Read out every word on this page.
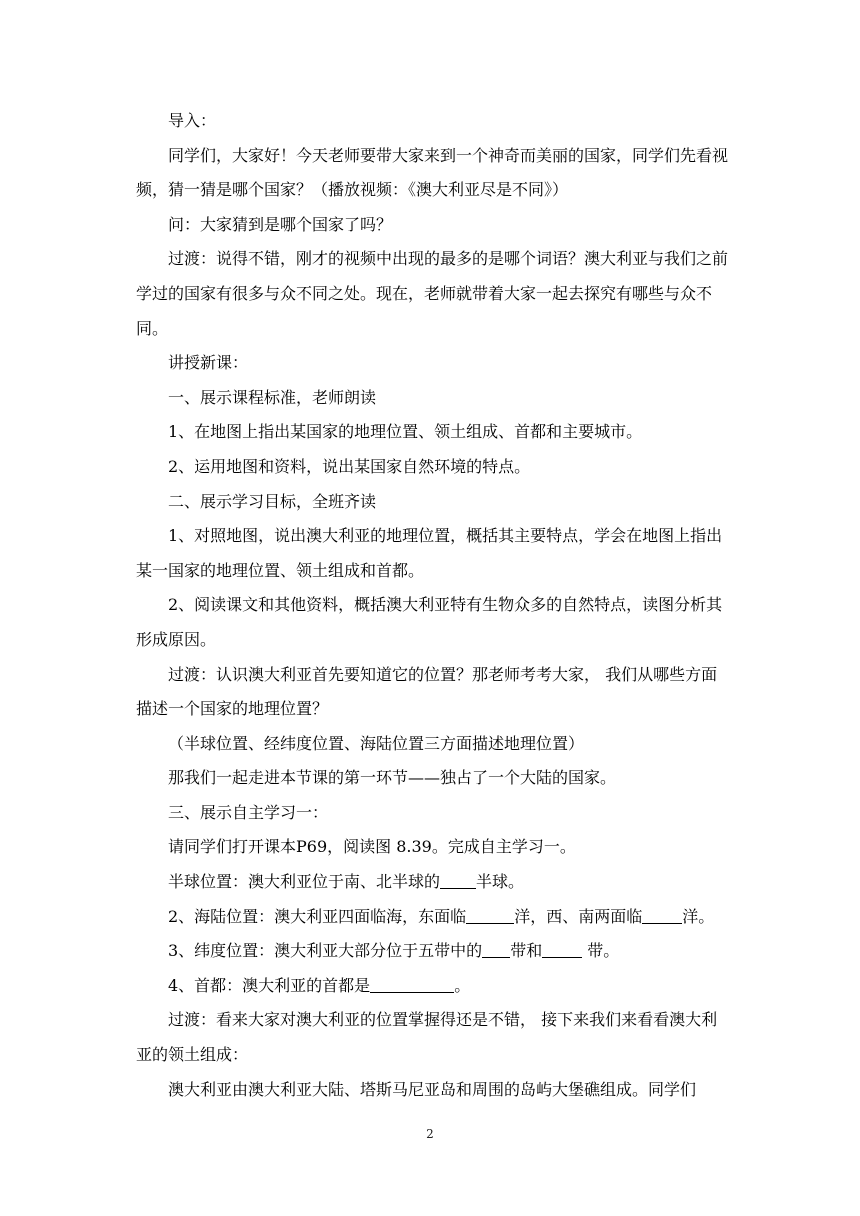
导入：

同学们，大家好！今天老师要带大家来到一个神奇而美丽的国家，同学们先看视频，猜一猜是哪个国家？（播放视频：《澳大利亚尽是不同》）

问：大家猜到是哪个国家了吗？

过渡：说得不错，刚才的视频中出现的最多的是哪个词语？澳大利亚与我们之前学过的国家有很多与众不同之处。现在，老师就带着大家一起去探究有哪些与众不同。

讲授新课：

一、展示课程标准，老师朗读

1、在地图上指出某国家的地理位置、领土组成、首都和主要城市。

2、运用地图和资料，说出某国家自然环境的特点。

二、展示学习目标，全班齐读

1、对照地图，说出澳大利亚的地理位置，概括其主要特点，学会在地图上指出某一国家的地理位置、领土组成和首都。

2、阅读课文和其他资料，概括澳大利亚特有生物众多的自然特点，读图分析其形成原因。

过渡：认识澳大利亚首先要知道它的位置？那老师考考大家， 我们从哪些方面描述一个国家的地理位置？

（半球位置、经纬度位置、海陆位置三方面描述地理位置）

那我们一起走进本节课的第一环节——独占了一个大陆的国家。

三、展示自主学习一：

请同学们打开课本P69，阅读图 8.39。完成自主学习一。

半球位置：澳大利亚位于南、北半球的 半球。

2、海陆位置：澳大利亚四面临海，东面临	洋，西、南两面临	洋。

3、纬度位置：澳大利亚大部分位于五带中的 带和	带。

4、首都：澳大利亚的首都是	。

过渡：看来大家对澳大利亚的位置掌握得还是不错， 接下来我们来看看澳大利亚的领土组成：

澳大利亚由澳大利亚大陆、塔斯马尼亚岛和周围的岛屿大堡礁组成。同学们

2
